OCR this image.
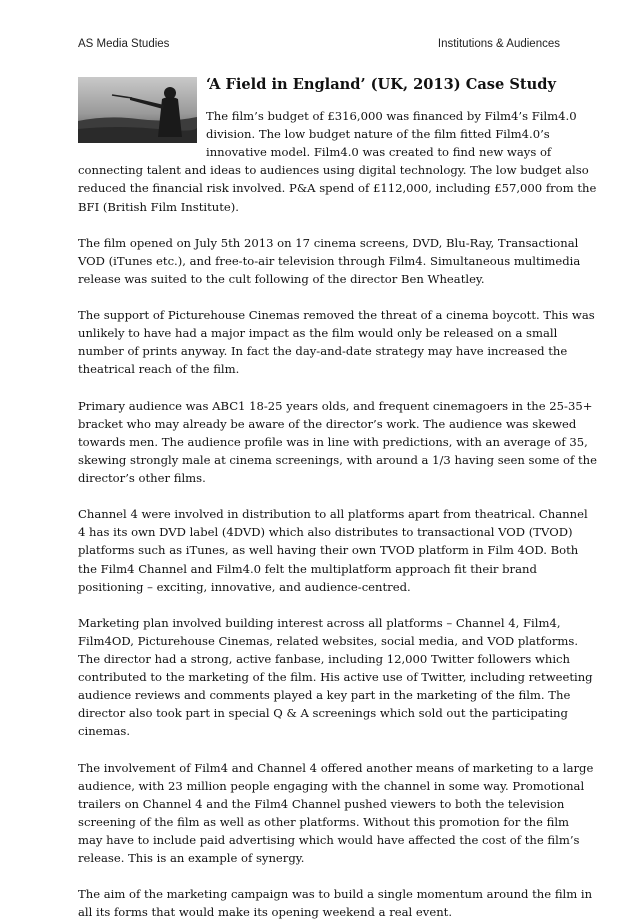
AS Media Studies	Institutions & Audiences
‘A Field in England’ (UK, 2013) Case Study
The film’s budget of £316,000 was financed by Film4’s Film4.0
division. The low budget nature of the film fitted Film4.0’s
innovative model. Film4.0 was created to find new ways of
connecting talent and ideas to audiences using digital technology. The low budget also
reduced the financial risk involved. P&A spend of £112,000, including £57,000 from the
BFI (British Film Institute).
The film opened on July 5th 2013 on 17 cinema screens, DVD, Blu-Ray, Transactional
VOD (iTunes etc.), and free-to-air television through Film4. Simultaneous multimedia
release was suited to the cult following of the director Ben Wheatley.
The support of Picturehouse Cinemas removed the threat of a cinema boycott. This was
unlikely to have had a major impact as the film would only be released on a small
number of prints anyway. In fact the day-and-date strategy may have increased the
theatrical reach of the film.
Primary audience was ABC1 18-25 years olds, and frequent cinemagoers in the 25-35+
bracket who may already be aware of the director’s work. The audience was skewed
towards men. The audience profile was in line with predictions, with an average of 35,
skewing strongly male at cinema screenings, with around a 1/3 having seen some of the
director’s other films.
Channel 4 were involved in distribution to all platforms apart from theatrical. Channel
4 has its own DVD label (4DVD) which also distributes to transactional VOD (TVOD)
platforms such as iTunes, as well having their own TVOD platform in Film 4OD. Both
the Film4 Channel and Film4.0 felt the multiplatform approach fit their brand
positioning – exciting, innovative, and audience-centred.
Marketing plan involved building interest across all platforms – Channel 4, Film4,
Film4OD, Picturehouse Cinemas, related websites, social media, and VOD platforms.
The director had a strong, active fanbase, including 12,000 Twitter followers which
contributed to the marketing of the film. His active use of Twitter, including retweeting
audience reviews and comments played a key part in the marketing of the film. The
director also took part in special Q & A screenings which sold out the participating
cinemas.
The involvement of Film4 and Channel 4 offered another means of marketing to a large
audience, with 23 million people engaging with the channel in some way. Promotional
trailers on Channel 4 and the Film4 Channel pushed viewers to both the television
screening of the film as well as other platforms. Without this promotion for the film
may have to include paid advertising which would have affected the cost of the film’s
release. This is an example of synergy.
The aim of the marketing campaign was to build a single momentum around the film in
all its forms that would make its opening weekend a real event.
